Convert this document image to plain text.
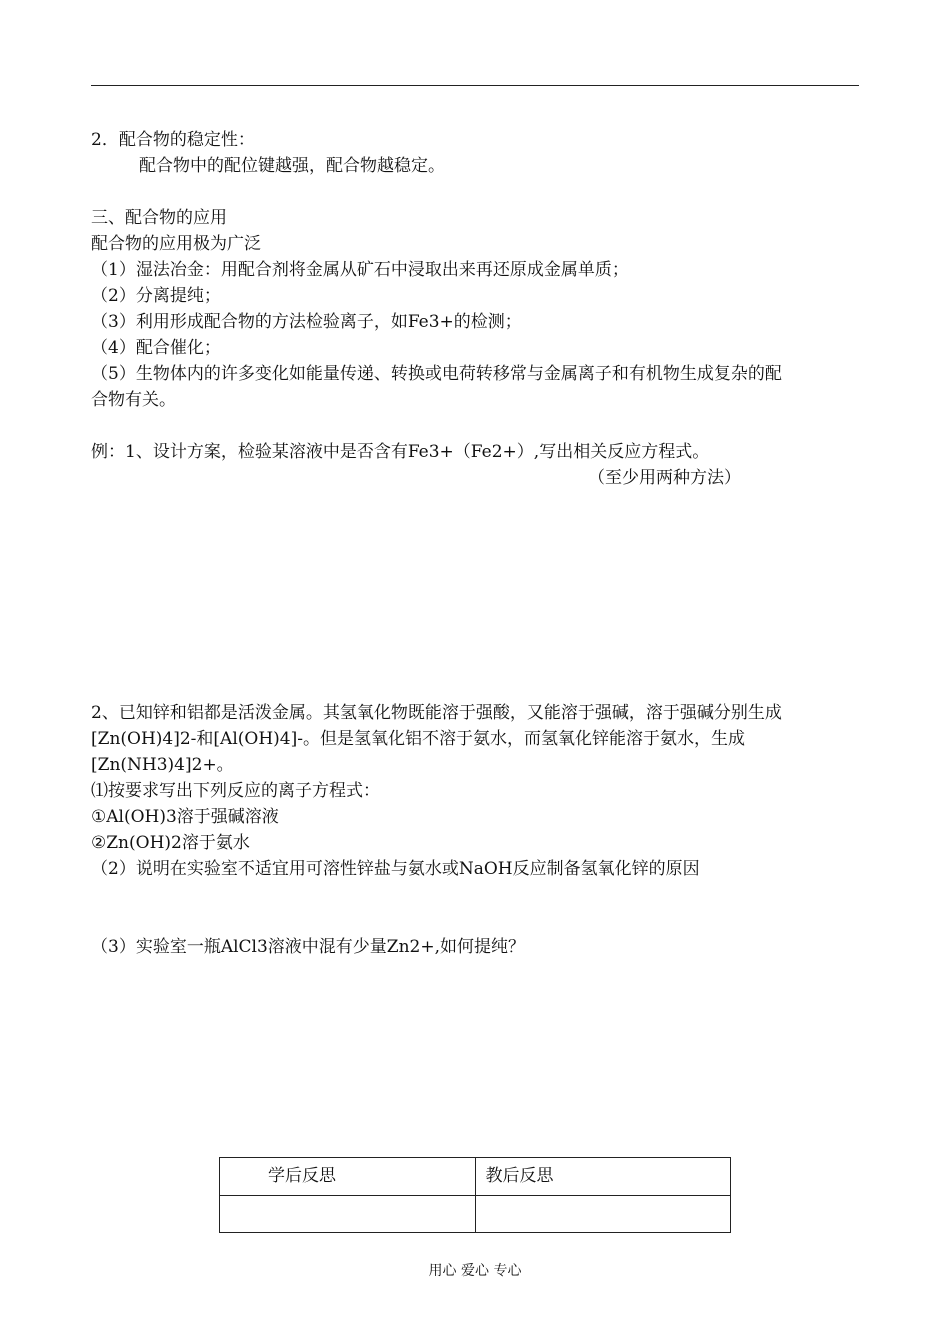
2．配合物的稳定性：
配合物中的配位键越强，配合物越稳定。
三、配合物的应用
配合物的应用极为广泛
（1）湿法冶金：用配合剂将金属从矿石中浸取出来再还原成金属单质；
（2）分离提纯；
（3）利用形成配合物的方法检验离子，如Fe3+的检测；
（4）配合催化；
（5）生物体内的许多变化如能量传递、转换或电荷转移常与金属离子和有机物生成复杂的配
合物有关。
例：1、设计方案，检验某溶液中是否含有Fe3+（Fe2+）,写出相关反应方程式。
（至少用两种方法）
2、已知锌和铝都是活泼金属。其氢氧化物既能溶于强酸，又能溶于强碱，溶于强碱分别生成
[Zn(OH)4]2-和[Al(OH)4]-。但是氢氧化铝不溶于氨水，而氢氧化锌能溶于氨水，生成
[Zn(NH3)4]2+。
⑴按要求写出下列反应的离子方程式：
①Al(OH)3溶于强碱溶液
②Zn(OH)2溶于氨水
（2）说明在实验室不适宜用可溶性锌盐与氨水或NaOH反应制备氢氧化锌的原因
（3）实验室一瓶AlCl3溶液中混有少量Zn2+,如何提纯？
学后反思	教后反思

用心 爱心 专心
